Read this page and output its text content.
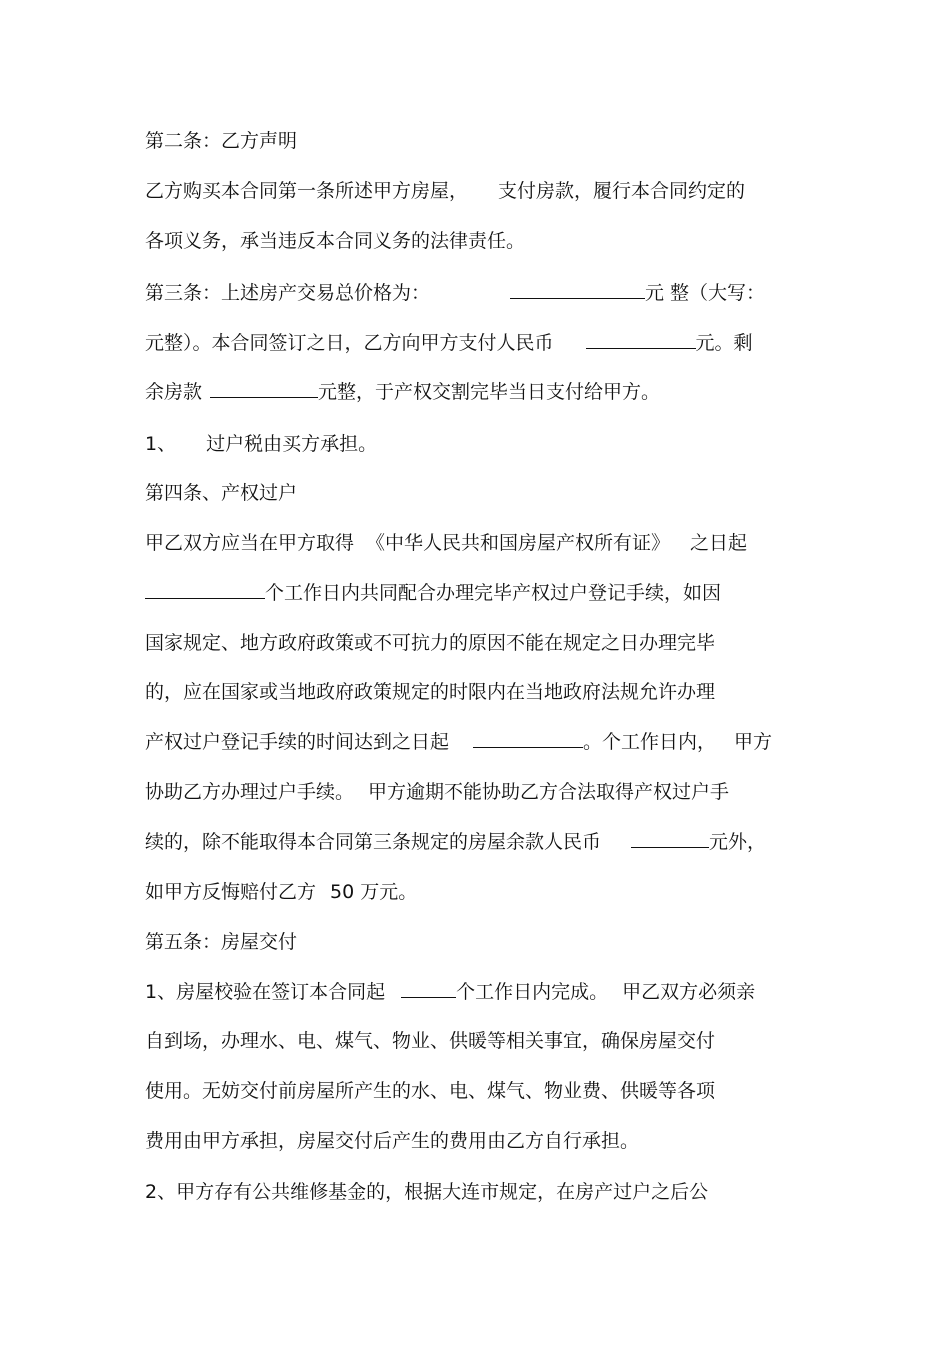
第二条：乙方声明
乙方购买本合同第一条所述甲方房屋， 支付房款，履行本合同约定的
各项义务，承当违反本合同义务的法律责任。
第三条：上述房产交易总价格为：	元 整（大写：
元整）。本合同签订之日，乙方向甲方支付人民币	元。剩
余房款	元整，于产权交割完毕当日支付给甲方。
1、 过户税由买方承担。
第四条、产权过户
甲乙双方应当在甲方取得 《中华人民共和国房屋产权所有证》 之日起
个工作日内共同配合办理完毕产权过户登记手续，如因
国家规定、地方政府政策或不可抗力的原因不能在规定之日办理完毕
的，应在国家或当地政府政策规定的时限内在当地政府法规允许办理
产权过户登记手续的时间达到之日起	。个工作日内， 甲方
协助乙方办理过户手续。 甲方逾期不能协助乙方合法取得产权过户手
续的，除不能取得本合同第三条规定的房屋余款人民币	元外，
如甲方反悔赔付乙方 50 万元。
第五条：房屋交付
1、房屋校验在签订本合同起	个工作日内完成。 甲乙双方必须亲
自到场，办理水、电、煤气、物业、供暖等相关事宜，确保房屋交付
使用。无妨交付前房屋所产生的水、电、煤气、物业费、供暖等各项
费用由甲方承担，房屋交付后产生的费用由乙方自行承担。
2、甲方存有公共维修基金的，根据大连市规定，在房产过户之后公
